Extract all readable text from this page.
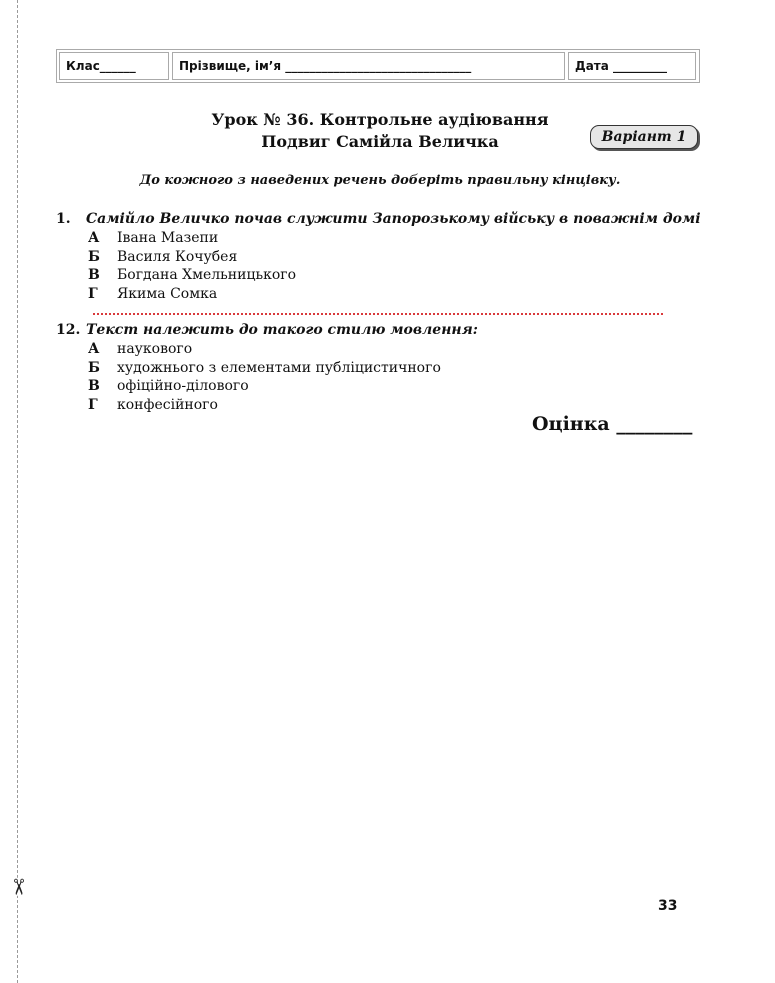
✂
Клас______	Прізвище, ім’я _______________________________	Дата _________
Урок № 36. Контрольне аудіювання
Подвиг Самійла Величка	Варіант 1
До кожного з наведених речень доберіть правильну кінцівку.
1.	Самійло Величко почав служити Запорозькому війську в поважнім домі
А	Івана Мазепи
Б	Василя Кочубея
В	Богдана Хмельницького
Г	Якима Сомка
12. Текст належить до такого стилю мовлення:
А	наукового
Б	художнього з елементами публіцистичного
В	офіційно-ділового
Г	конфесійного
Оцінка ________
33
